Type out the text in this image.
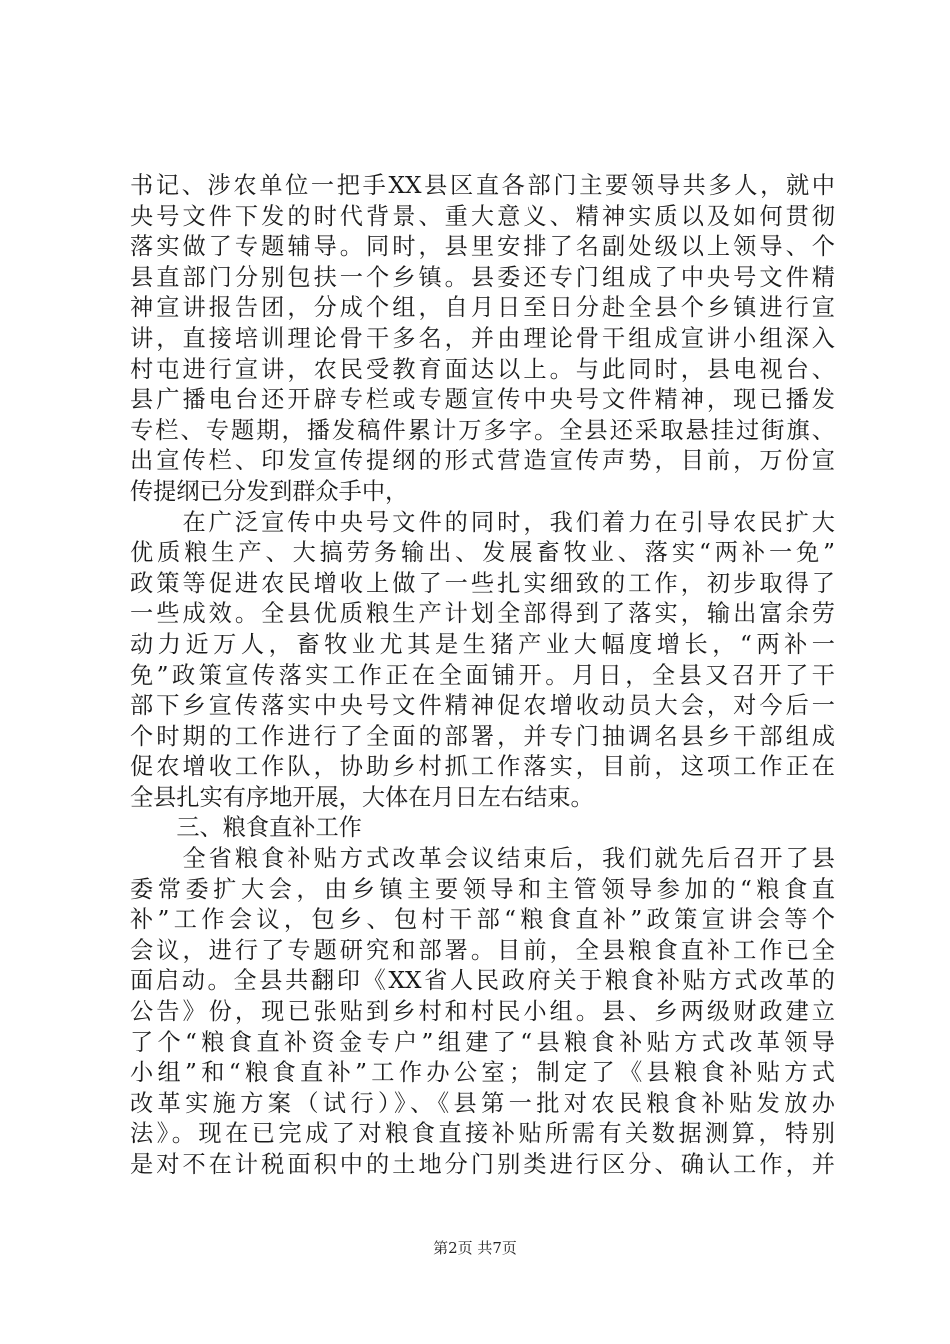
书记、涉农单位一把手XX县区直各部门主要领导共多人，就中
央号文件下发的时代背景、重大意义、精神实质以及如何贯彻
落实做了专题辅导。同时，县里安排了名副处级以上领导、个
县直部门分别包扶一个乡镇。县委还专门组成了中央号文件精
神宣讲报告团，分成个组，自月日至日分赴全县个乡镇进行宣
讲，直接培训理论骨干多名，并由理论骨干组成宣讲小组深入
村屯进行宣讲，农民受教育面达以上。与此同时，县电视台、
县广播电台还开辟专栏或专题宣传中央号文件精神，现已播发
专栏、专题期，播发稿件累计万多字。全县还采取悬挂过街旗、
出宣传栏、印发宣传提纲的形式营造宣传声势，目前，万份宣
传提纲已分发到群众手中，
　　在广泛宣传中央号文件的同时，我们着力在引导农民扩大
优质粮生产、大搞劳务输出、发展畜牧业、落实“两补一免”
政策等促进农民增收上做了一些扎实细致的工作，初步取得了
一些成效。全县优质粮生产计划全部得到了落实，输出富余劳
动力近万人，畜牧业尤其是生猪产业大幅度增长，“两补一
免”政策宣传落实工作正在全面铺开。月日，全县又召开了干
部下乡宣传落实中央号文件精神促农增收动员大会，对今后一
个时期的工作进行了全面的部署，并专门抽调名县乡干部组成
促农增收工作队，协助乡村抓工作落实，目前，这项工作正在
全县扎实有序地开展，大体在月日左右结束。
　　三、粮食直补工作
　　全省粮食补贴方式改革会议结束后，我们就先后召开了县
委常委扩大会，由乡镇主要领导和主管领导参加的“粮食直
补”工作会议，包乡、包村干部“粮食直补”政策宣讲会等个
会议，进行了专题研究和部署。目前，全县粮食直补工作已全
面启动。全县共翻印《XX省人民政府关于粮食补贴方式改革的
公告》份，现已张贴到乡村和村民小组。县、乡两级财政建立
了个“粮食直补资金专户”组建了“县粮食补贴方式改革领导
小组”和“粮食直补”工作办公室；制定了《县粮食补贴方式
改革实施方案（试行）》、《县第一批对农民粮食补贴发放办
法》。现在已完成了对粮食直接补贴所需有关数据测算，特别
是对不在计税面积中的土地分门别类进行区分、确认工作，并
第2页 共7页
